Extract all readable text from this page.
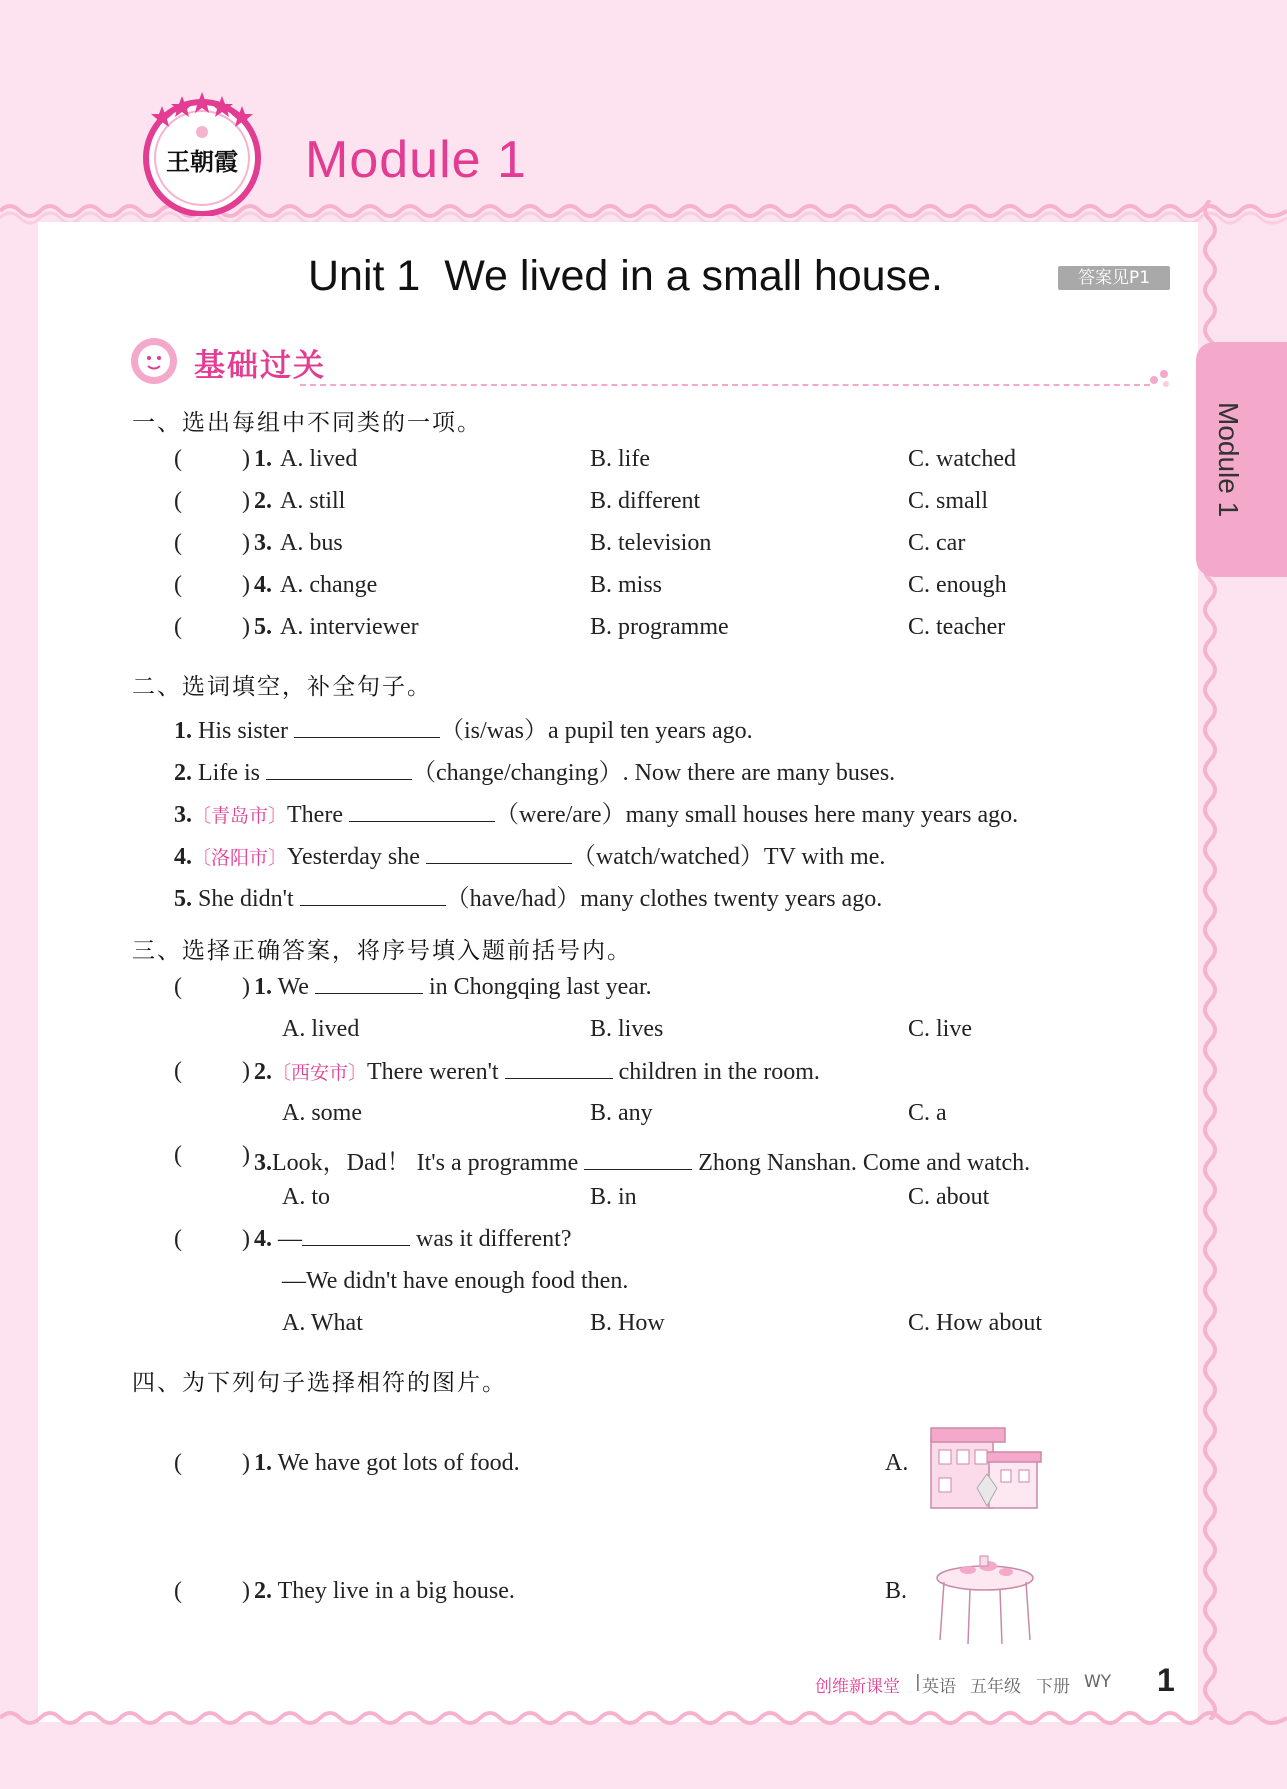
王朝霞 Module 1
Unit 1  We lived in a small house.	答案见P1
Module 1
基础过关
一、选出每组中不同类的一项。
(	) 1. A. lived	B. life	C. watched
(	) 2. A. still	B. different	C. small
(	) 3. A. bus	B. television	C. car
(	) 4. A. change	B. miss	C. enough
(	) 5. A. interviewer	B. programme	C. teacher
二、选词填空，补全句子。
1. His sister	（is/was）a pupil ten years ago.
2. Life is	（change/changing）. Now there are many buses.
3.〔青岛市〕There	（were/are）many small houses here many years ago.
4.〔洛阳市〕Yesterday she	（watch/watched）TV with me.
5. She didn't	（have/had）many clothes twenty years ago.
三、选择正确答案，将序号填入题前括号内。
(	) 1. We	in Chongqing last year.
A. lived	B. lives	C. live
(	) 2.〔西安市〕There weren't	children in the room.
A. some	B. any	C. a
(	) 3.Look，Dad！ It's a programme	Zhong Nanshan. Come and watch.
A. to	B. in	C. about
(	) 4. —	was it different?
—We didn't have enough food then.
A. What	B. How	C. How about
四、为下列句子选择相符的图片。
(	) 1. We have got lots of food.	A.
(	) 2. They live in a big house.	B.
创维新课堂 | 英语 五年级 下册 WY 1
